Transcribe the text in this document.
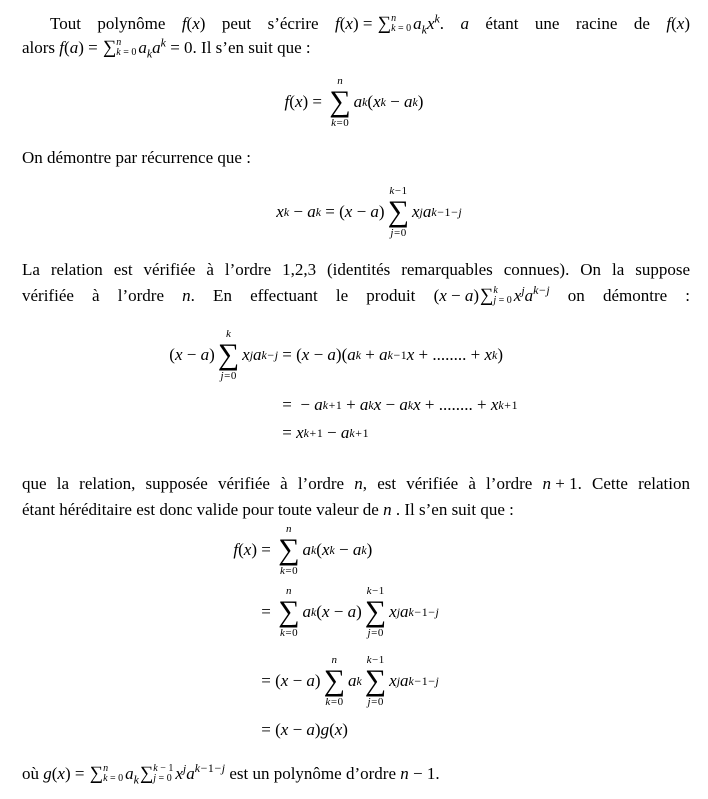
Tout polynôme f(x) peut s’écrire f(x) = ∑ n
k = 0 $a_kx^k$. a étant une racine de f(x)
alors f(a) = ∑ n
k = 0 $a_ka^k = 0$. Il s’en suit que :
f ( x ) =
n
∑
k=0
a k ( x k − a k )
On démontre par récurrence que :
x k − a k = ( x − a )
k−1
∑
j=0
x j a k−1−j
La relation est vérifiée à l’ordre 1,2,3 (identités remarquables connues). On la suppose
vérifiée à l’ordre n. En effectuant le produit (x − a) ∑ k
j = 0 $x^ja^{k-j}$ on démontre :
( x − a )
k
∑
j=0
x j a k−j = ( x − a )( a k + a k−1 x + ........ + x k )
= − a k+1 + a k x − a k x + ........ + x k+1
= x k+1 − a k+1
que la relation, supposée vérifiée à l’ordre n, est vérifiée à l’ordre n + 1. Cette relation
étant héréditaire est donc valide pour toute valeur de n . Il s’en suit que :
f ( x ) =
n
∑
k=0
a k ( x k − a k )
=
n
∑
k=0
a k ( x − a )
k−1
∑
j=0
x j a k−1−j
= ( x − a )
n
∑
k=0
a k
k−1
∑
j=0
x j a k−1−j
= ( x − a ) g ( x )
où g(x) = ∑ n
k = 0 $a_k$ ∑ k − 1
j = 0 $x^ja^{k-1-j}$ est un polynôme d’ordre n − 1.
